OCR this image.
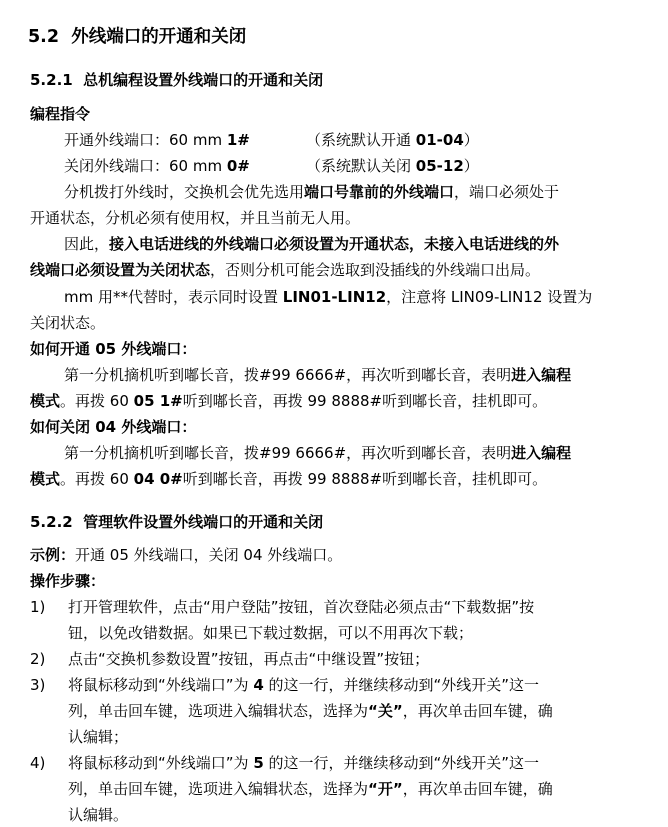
5.2 外线端口的开通和关闭
5.2.1 总机编程设置外线端口的开通和关闭
编程指令
开通外线端口：60 mm 1#	（系统默认开通 01-04）
关闭外线端口：60 mm 0#	（系统默认关闭 05-12）
分机拨打外线时，交换机会优先选用端口号靠前的外线端口，端口必须处于
开通状态，分机必须有使用权，并且当前无人用。
因此，接入电话进线的外线端口必须设置为开通状态，未接入电话进线的外
线端口必须设置为关闭状态，否则分机可能会选取到没插线的外线端口出局。
mm 用**代替时，表示同时设置 LIN01-LIN12，注意将 LIN09-LIN12 设置为
关闭状态。
如何开通 05 外线端口：
第一分机摘机听到嘟长音，拨#99 6666#，再次听到嘟长音，表明进入编程
模式。再拨 60 05 1#听到嘟长音，再拨 99 8888#听到嘟长音，挂机即可。
如何关闭 04 外线端口：
第一分机摘机听到嘟长音，拨#99 6666#，再次听到嘟长音，表明进入编程
模式。再拨 60 04 0#听到嘟长音，再拨 99 8888#听到嘟长音，挂机即可。
5.2.2 管理软件设置外线端口的开通和关闭
示例：开通 05 外线端口，关闭 04 外线端口。
操作步骤：
1) 打开管理软件，点击“用户登陆”按钮，首次登陆必须点击“下载数据”按
钮，以免改错数据。如果已下载过数据，可以不用再次下载；
2) 点击“交换机参数设置”按钮，再点击“中继设置”按钮；
3) 将鼠标移动到“外线端口”为 4 的这一行，并继续移动到“外线开关”这一
列，单击回车键，选项进入编辑状态，选择为“关”，再次单击回车键，确
认编辑；
4) 将鼠标移动到“外线端口”为 5 的这一行，并继续移动到“外线开关”这一
列，单击回车键，选项进入编辑状态，选择为“开”，再次单击回车键，确
认编辑。
